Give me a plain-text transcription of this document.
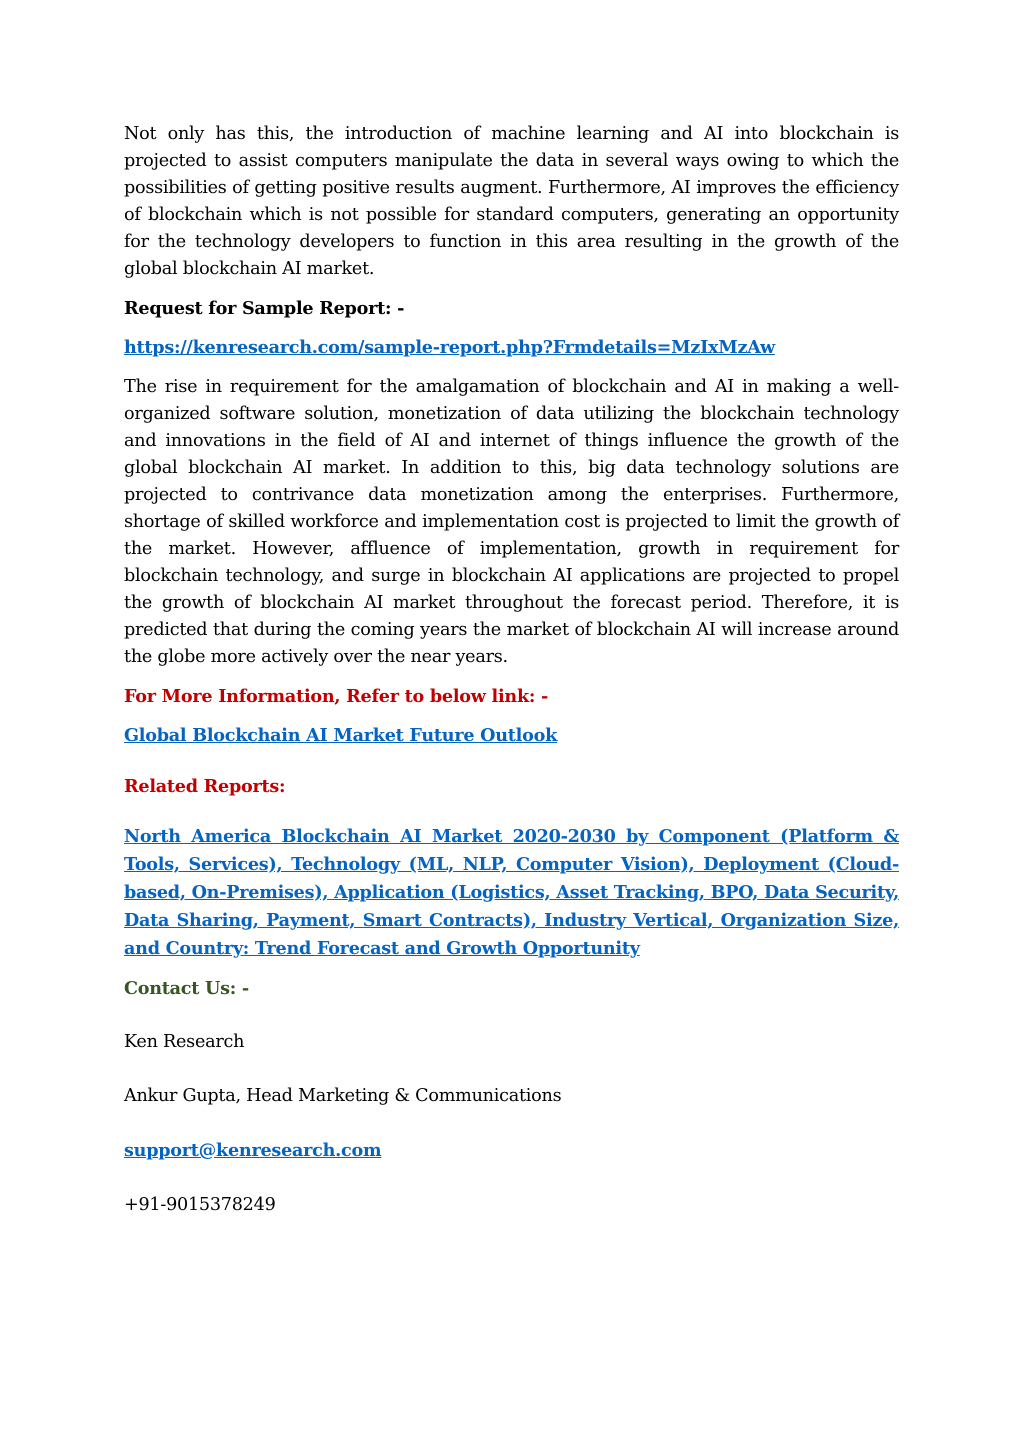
Not only has this, the introduction of machine learning and AI into blockchain is projected to assist computers manipulate the data in several ways owing to which the possibilities of getting positive results augment. Furthermore, AI improves the efficiency of blockchain which is not possible for standard computers, generating an opportunity for the technology developers to function in this area resulting in the growth of the global blockchain AI market.

Request for Sample Report: -

https://kenresearch.com/sample-report.php?Frmdetails=MzIxMzAw

The rise in requirement for the amalgamation of blockchain and AI in making a well-organized software solution, monetization of data utilizing the blockchain technology and innovations in the field of AI and internet of things influence the growth of the global blockchain AI market. In addition to this, big data technology solutions are projected to contrivance data monetization among the enterprises. Furthermore, shortage of skilled workforce and implementation cost is projected to limit the growth of the market. However, affluence of implementation, growth in requirement for blockchain technology, and surge in blockchain AI applications are projected to propel the growth of blockchain AI market throughout the forecast period. Therefore, it is predicted that during the coming years the market of blockchain AI will increase around the globe more actively over the near years.

For More Information, Refer to below link: -

Global Blockchain AI Market Future Outlook

Related Reports:

North America Blockchain AI Market 2020-2030 by Component (Platform & Tools, Services), Technology (ML, NLP, Computer Vision), Deployment (Cloud-based, On-Premises), Application (Logistics, Asset Tracking, BPO, Data Security, Data Sharing, Payment, Smart Contracts), Industry Vertical, Organization Size, and Country: Trend Forecast and Growth Opportunity

Contact Us: -

Ken Research

Ankur Gupta, Head Marketing & Communications

support@kenresearch.com

+91-9015378249
